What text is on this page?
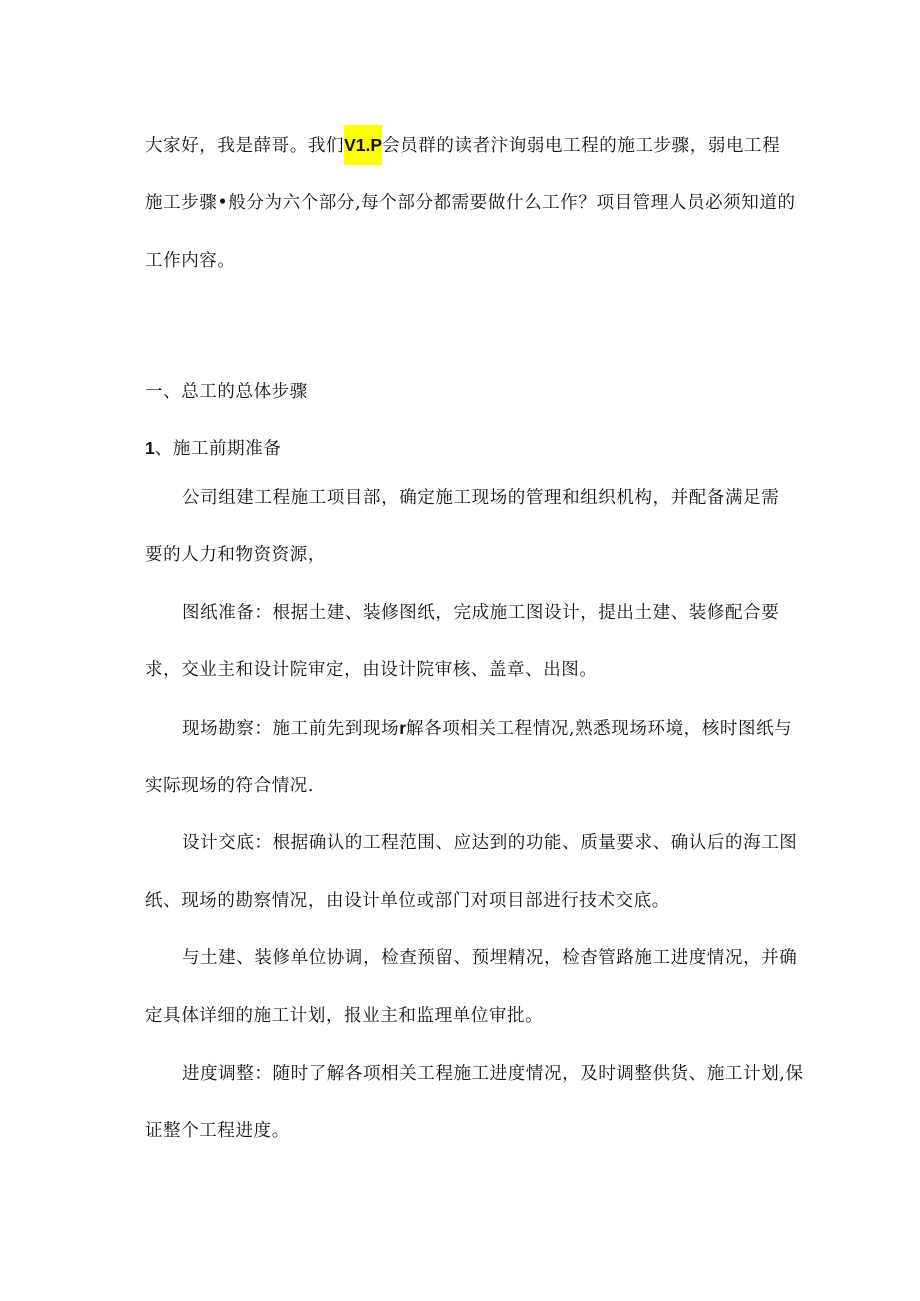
大家好，我是薛哥。我们V1.P会员群的读者汴询弱电工程的施工步骤，弱电工程
施工步骤•般分为六个部分,每个部分都需要做什么工作？项目管理人员必须知道的
工作内容。
一、总工的总体步骤
1、施工前期准备
公司组建工程施工项目部，确定施工现场的管理和组织机构，并配备满足需
要的人力和物资资源，
图纸准备：根据土建、装修图纸，完成施工图设计，提出土建、装修配合要
求，交业主和设计院审定，由设计院审核、盖章、出图。
现场勘察：施工前先到现场r解各项相关工程情况,熟悉现场环境，核时图纸与
实际现场的符合情况.
设计交底：根据确认的工程范围、应达到的功能、质量要求、确认后的海工图
纸、现场的勘察情况，由设计单位或部门对项目部进行技术交底。
与土建、装修单位协调，检查预留、预埋精况，检杳管路施工进度情况，并确
定具体详细的施工计划，报业主和监理单位审批。
进度调整：随时了解各项相关工程施工进度情况，及时调整供货、施工计划,保
证整个工程进度。
